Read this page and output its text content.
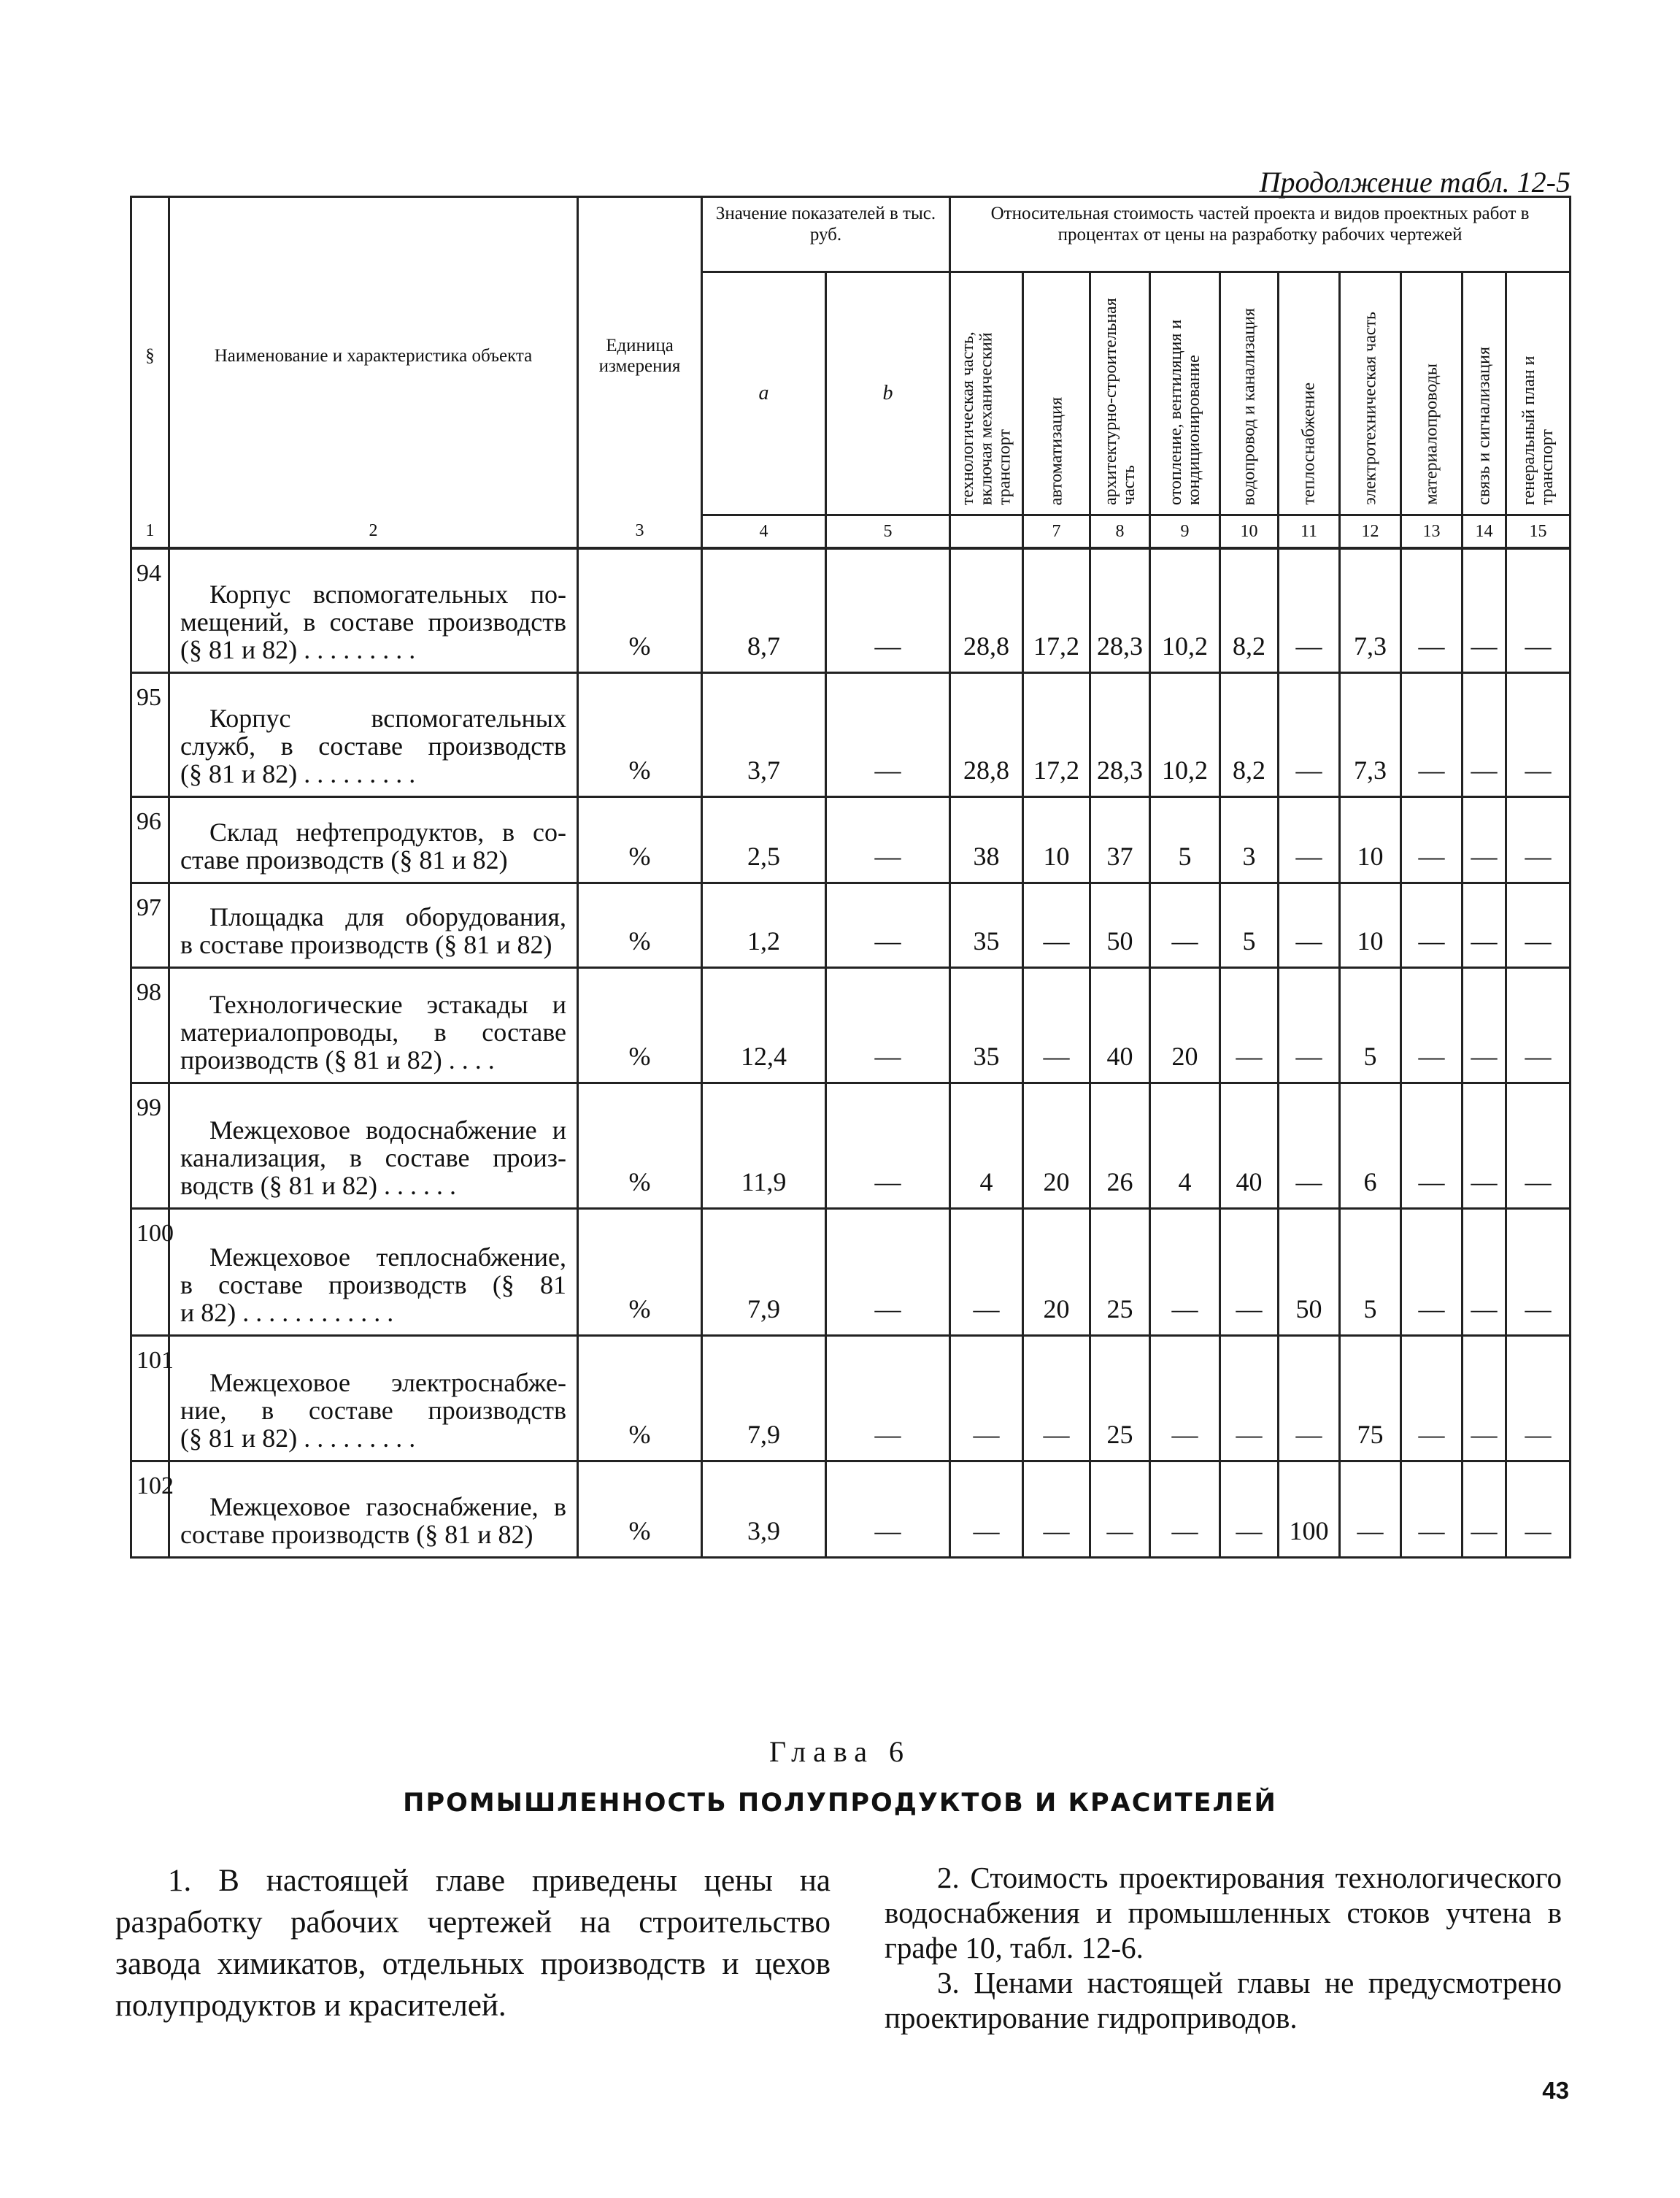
Продолжение табл. 12-5
§	Наименование и характеристика объекта	Единица измерения	Значение показателей в тыс. руб.		Относительная стоимость частей проекта и видов проектных работ в процентах от цены на разработку рабочих чертежей									
			a	b	технологическая часть, включая механический транспорт	автоматизация	архитектурно-строительная часть	отопление, вентиляция и кондиционирование	водопровод и канализация	теплоснабжение	электротехническая часть	материалопроводы	связь и сигнализация	генеральный план и транспорт

1	2	3	4	5		7	8	9	10	11	12	13	14	15
94	Корпус вспомогательных по-
мещений, в составе производств
(§ 81 и 82) . . . . . . . . .	%	8,7	—	28,8	17,2	28,3	10,2	8,2	—	7,3	—	—	—
95	Корпус вспомогательных
служб, в составе производств
(§ 81 и 82) . . . . . . . . .	%	3,7	—	28,8	17,2	28,3	10,2	8,2	—	7,3	—	—	—
96	Склад нефтепродуктов, в со-
ставе производств (§ 81 и 82)	%	2,5	—	38	10	37	5	3	—	10	—	—	—
97	Площадка для оборудования,
в составе производств (§ 81 и 82)	%	1,2	—	35	—	50	—	5	—	10	—	—	—
98	Технологические эстакады и
материалопроводы, в составе
производств (§ 81 и 82) . . . .	%	12,4	—	35	—	40	20	—	—	5	—	—	—
99	Межцеховое водоснабжение и
канализация, в составе произ-
водств (§ 81 и 82) . . . . . .	%	11,9	—	4	20	26	4	40	—	6	—	—	—
100	Межцеховое теплоснабжение,
в составе производств (§ 81
и 82) . . . . . . . . . . . .	%	7,9	—	—	20	25	—	—	50	5	—	—	—
101	Межцеховое электроснабже-
ние, в составе производств
(§ 81 и 82) . . . . . . . . .	%	7,9	—	—	—	25	—	—	—	75	—	—	—
102	Межцеховое газоснабжение, в
составе производств (§ 81 и 82)	%	3,9	—	—	—	—	—	—	100	—	—	—	—
Глава 6
ПРОМЫШЛЕННОСТЬ ПОЛУПРОДУКТОВ И КРАСИТЕЛЕЙ

1. В настоящей главе приведены цены на разработку рабочих чертежей на строительство завода химикатов, отдельных производств и цехов полупродуктов и красителей.

2. Стоимость проектирования технологического водоснабжения и промышленных стоков учтена в графе 10, табл. 12-6.

3. Ценами настоящей главы не предусмотрено проектирование гидроприводов.

43
